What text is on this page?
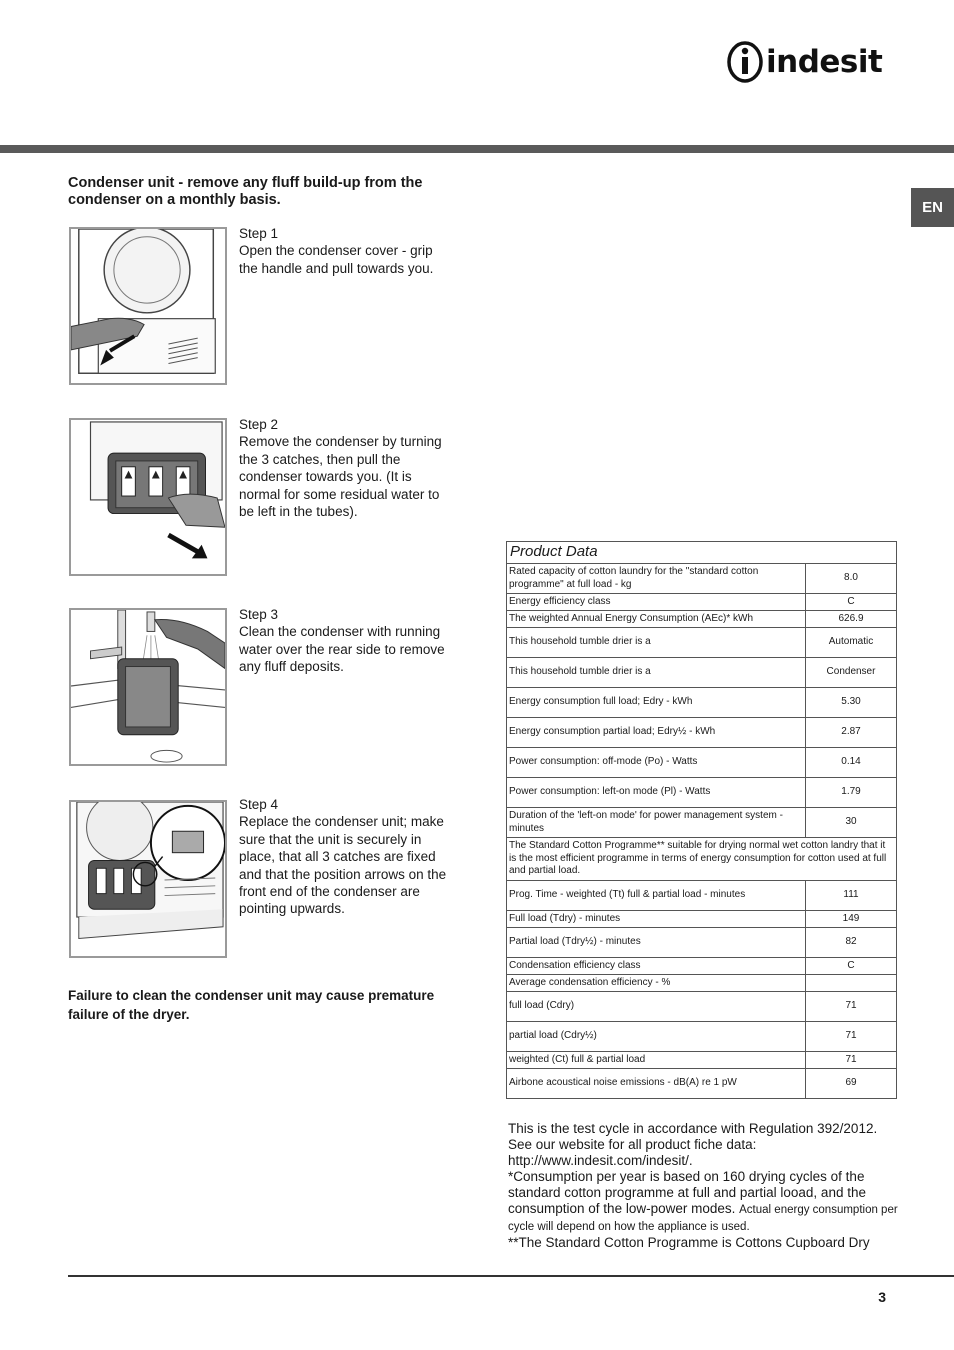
indesit
EN
Condenser unit - remove any fluff build-up from the condenser on a monthly basis.
Step 1
Open the condenser cover - grip the handle and pull towards you.
Step 2
Remove the condenser by turning the 3 catches, then pull the condenser towards you. (It is normal for some residual water to be left in the tubes).
Step 3
Clean the condenser with running water over the rear side to remove any fluff deposits.
Step 4
Replace the condenser unit; make sure that the unit is securely in place, that all 3 catches are fixed and that the position arrows on the front end of the condenser are pointing upwards.
Failure to clean the condenser unit may cause premature failure of the dryer.
Product Data	
Rated capacity of cotton laundry for the "standard cotton programme" at full load - kg	8.0
Energy efficiency class	C
The weighted Annual Energy Consumption (AEc)* kWh	626.9
This household tumble drier is a	Automatic
This household tumble drier is a	Condenser
Energy consumption full load; Edry - kWh	5.30
Energy consumption partial load; Edry½ - kWh	2.87
Power consumption: off-mode (Po) - Watts	0.14
Power consumption: left-on mode (Pl) - Watts	1.79
Duration of the 'left-on mode' for power management system - minutes	30
The Standard Cotton Programme** suitable for drying normal wet cotton landry that it is the most efficient programme in terms of energy consumption for cotton used at full and partial load.	
Prog. Time - weighted (Tt) full & partial load - minutes	111
Full load (Tdry) - minutes	149
Partial load (Tdry½) - minutes	82
Condensation efficiency class	C
Average condensation efficiency - %	
full load (Cdry)	71
partial load (Cdry½)	71
weighted (Ct) full & partial load	71
Airbone acoustical noise emissions - dB(A) re 1 pW	69
This is the test cycle in accordance with Regulation 392/2012.
See our website for all product fiche data:
http://www.indesit.com/indesit/.
*Consumption per year is based on 160 drying cycles of the standard cotton programme at full and partial looad, and the consumption of the low-power modes. Actual energy consumption per cycle will depend on how the appliance is used.
**The Standard Cotton Programme is Cottons Cupboard Dry
3
